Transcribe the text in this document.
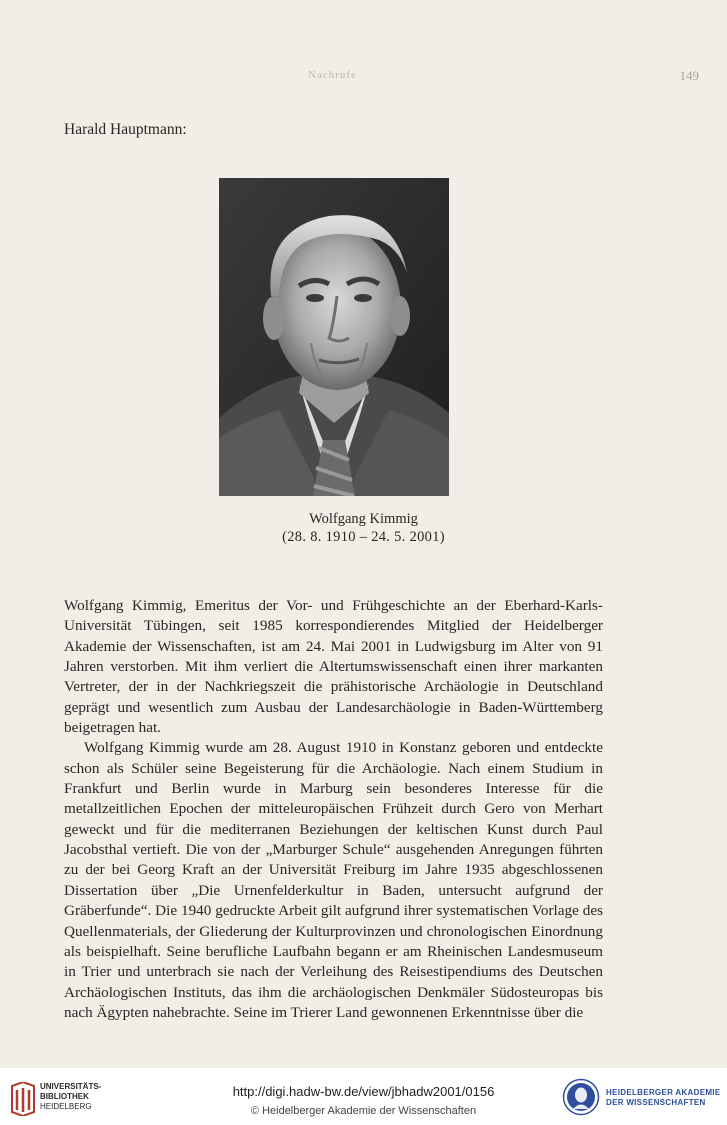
149
Nachrufe
Harald Hauptmann:
Wolfgang Kimmig
(28. 8. 1910 – 24. 5. 2001)

Wolfgang Kimmig, Emeritus der Vor- und Frühgeschichte an der Eberhard-Karls-Universität Tübingen, seit 1985 korrespondierendes Mitglied der Heidelberger Akademie der Wissenschaften, ist am 24. Mai 2001 in Ludwigsburg im Alter von 91 Jahren verstorben. Mit ihm verliert die Altertumswissenschaft einen ihrer markanten Vertreter, der in der Nachkriegszeit die prähistorische Archäologie in Deutschland geprägt und wesentlich zum Ausbau der Landesarchäologie in Baden-Württemberg beigetragen hat.

Wolfgang Kimmig wurde am 28. August 1910 in Konstanz geboren und entdeckte schon als Schüler seine Begeisterung für die Archäologie. Nach einem Studium in Frankfurt und Berlin wurde in Marburg sein besonderes Interesse für die metallzeitlichen Epochen der mitteleuropäischen Frühzeit durch Gero von Merhart geweckt und für die mediterranen Beziehungen der keltischen Kunst durch Paul Jacobsthal vertieft. Die von der „Marburger Schule“ ausgehenden Anregungen führten zu der bei Georg Kraft an der Universität Freiburg im Jahre 1935 abgeschlossenen Dissertation über „Die Urnenfelderkultur in Baden, untersucht aufgrund der Gräberfunde“. Die 1940 gedruckte Arbeit gilt aufgrund ihrer systematischen Vorlage des Quellenmaterials, der Gliederung der Kulturprovinzen und chronologischen Einordnung als beispielhaft. Seine berufliche Laufbahn begann er am Rheinischen Landesmuseum in Trier und unterbrach sie nach der Verleihung des Reisestipendiums des Deutschen Archäologischen Instituts, das ihm die archäologischen Denkmäler Südosteuropas bis nach Ägypten nahebrachte. Seine im Trierer Land gewonnenen Erkenntnisse über die

UNIVERSITÄTS-
BIBLIOTHEK
HEIDELBERG
http://digi.hadw-bw.de/view/jbhadw2001/0156
© Heidelberger Akademie der Wissenschaften
HEIDELBERGER AKADEMIE
DER WISSENSCHAFTEN
